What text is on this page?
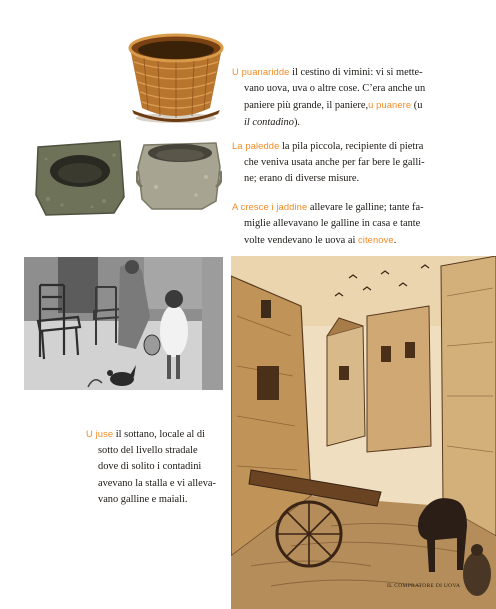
U puanaridde il cestino di vimini: vi si mette-
vano uova, uva o altre cose. C’era anche un
paniere più grande, il paniere,u puanere (u
il contadino).

La paledde la pila piccola, recipiente di pietra
che veniva usata anche per far bere le galli-
ne; erano di diverse misure.

A cresce i jaddine allevare le galline; tante fa-
miglie allevavano le galline in casa e tante
volte vendevano le uova ai citenove.

IL COMPRATORE DI UOVA

U juse il sottano, locale al di
sotto del livello stradale
dove di solito i contadini
avevano la stalla e vi alleva-
vano galline e maiali.
